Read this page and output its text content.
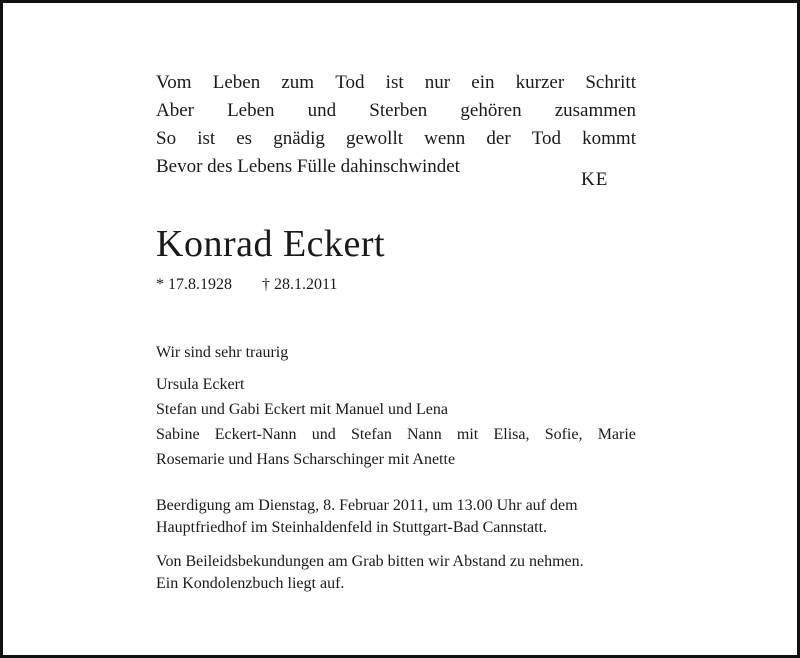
Vom Leben zum Tod ist nur ein kurzer Schritt
Aber Leben und Sterben gehören zusammen
So ist es gnädig gewollt wenn der Tod kommt
Bevor des Lebens Fülle dahinschwindet
KE
Konrad Eckert
* 17.8.1928 † 28.1.2011
Wir sind sehr traurig
Ursula Eckert
Stefan und Gabi Eckert mit Manuel und Lena
Sabine Eckert-Nann und Stefan Nann mit Elisa, Sofie, Marie
Rosemarie und Hans Scharschinger mit Anette
Beerdigung am Dienstag, 8. Februar 2011, um 13.00 Uhr auf dem
Hauptfriedhof im Steinhaldenfeld in Stuttgart-Bad Cannstatt.
Von Beileidsbekundungen am Grab bitten wir Abstand zu nehmen.
Ein Kondolenzbuch liegt auf.
